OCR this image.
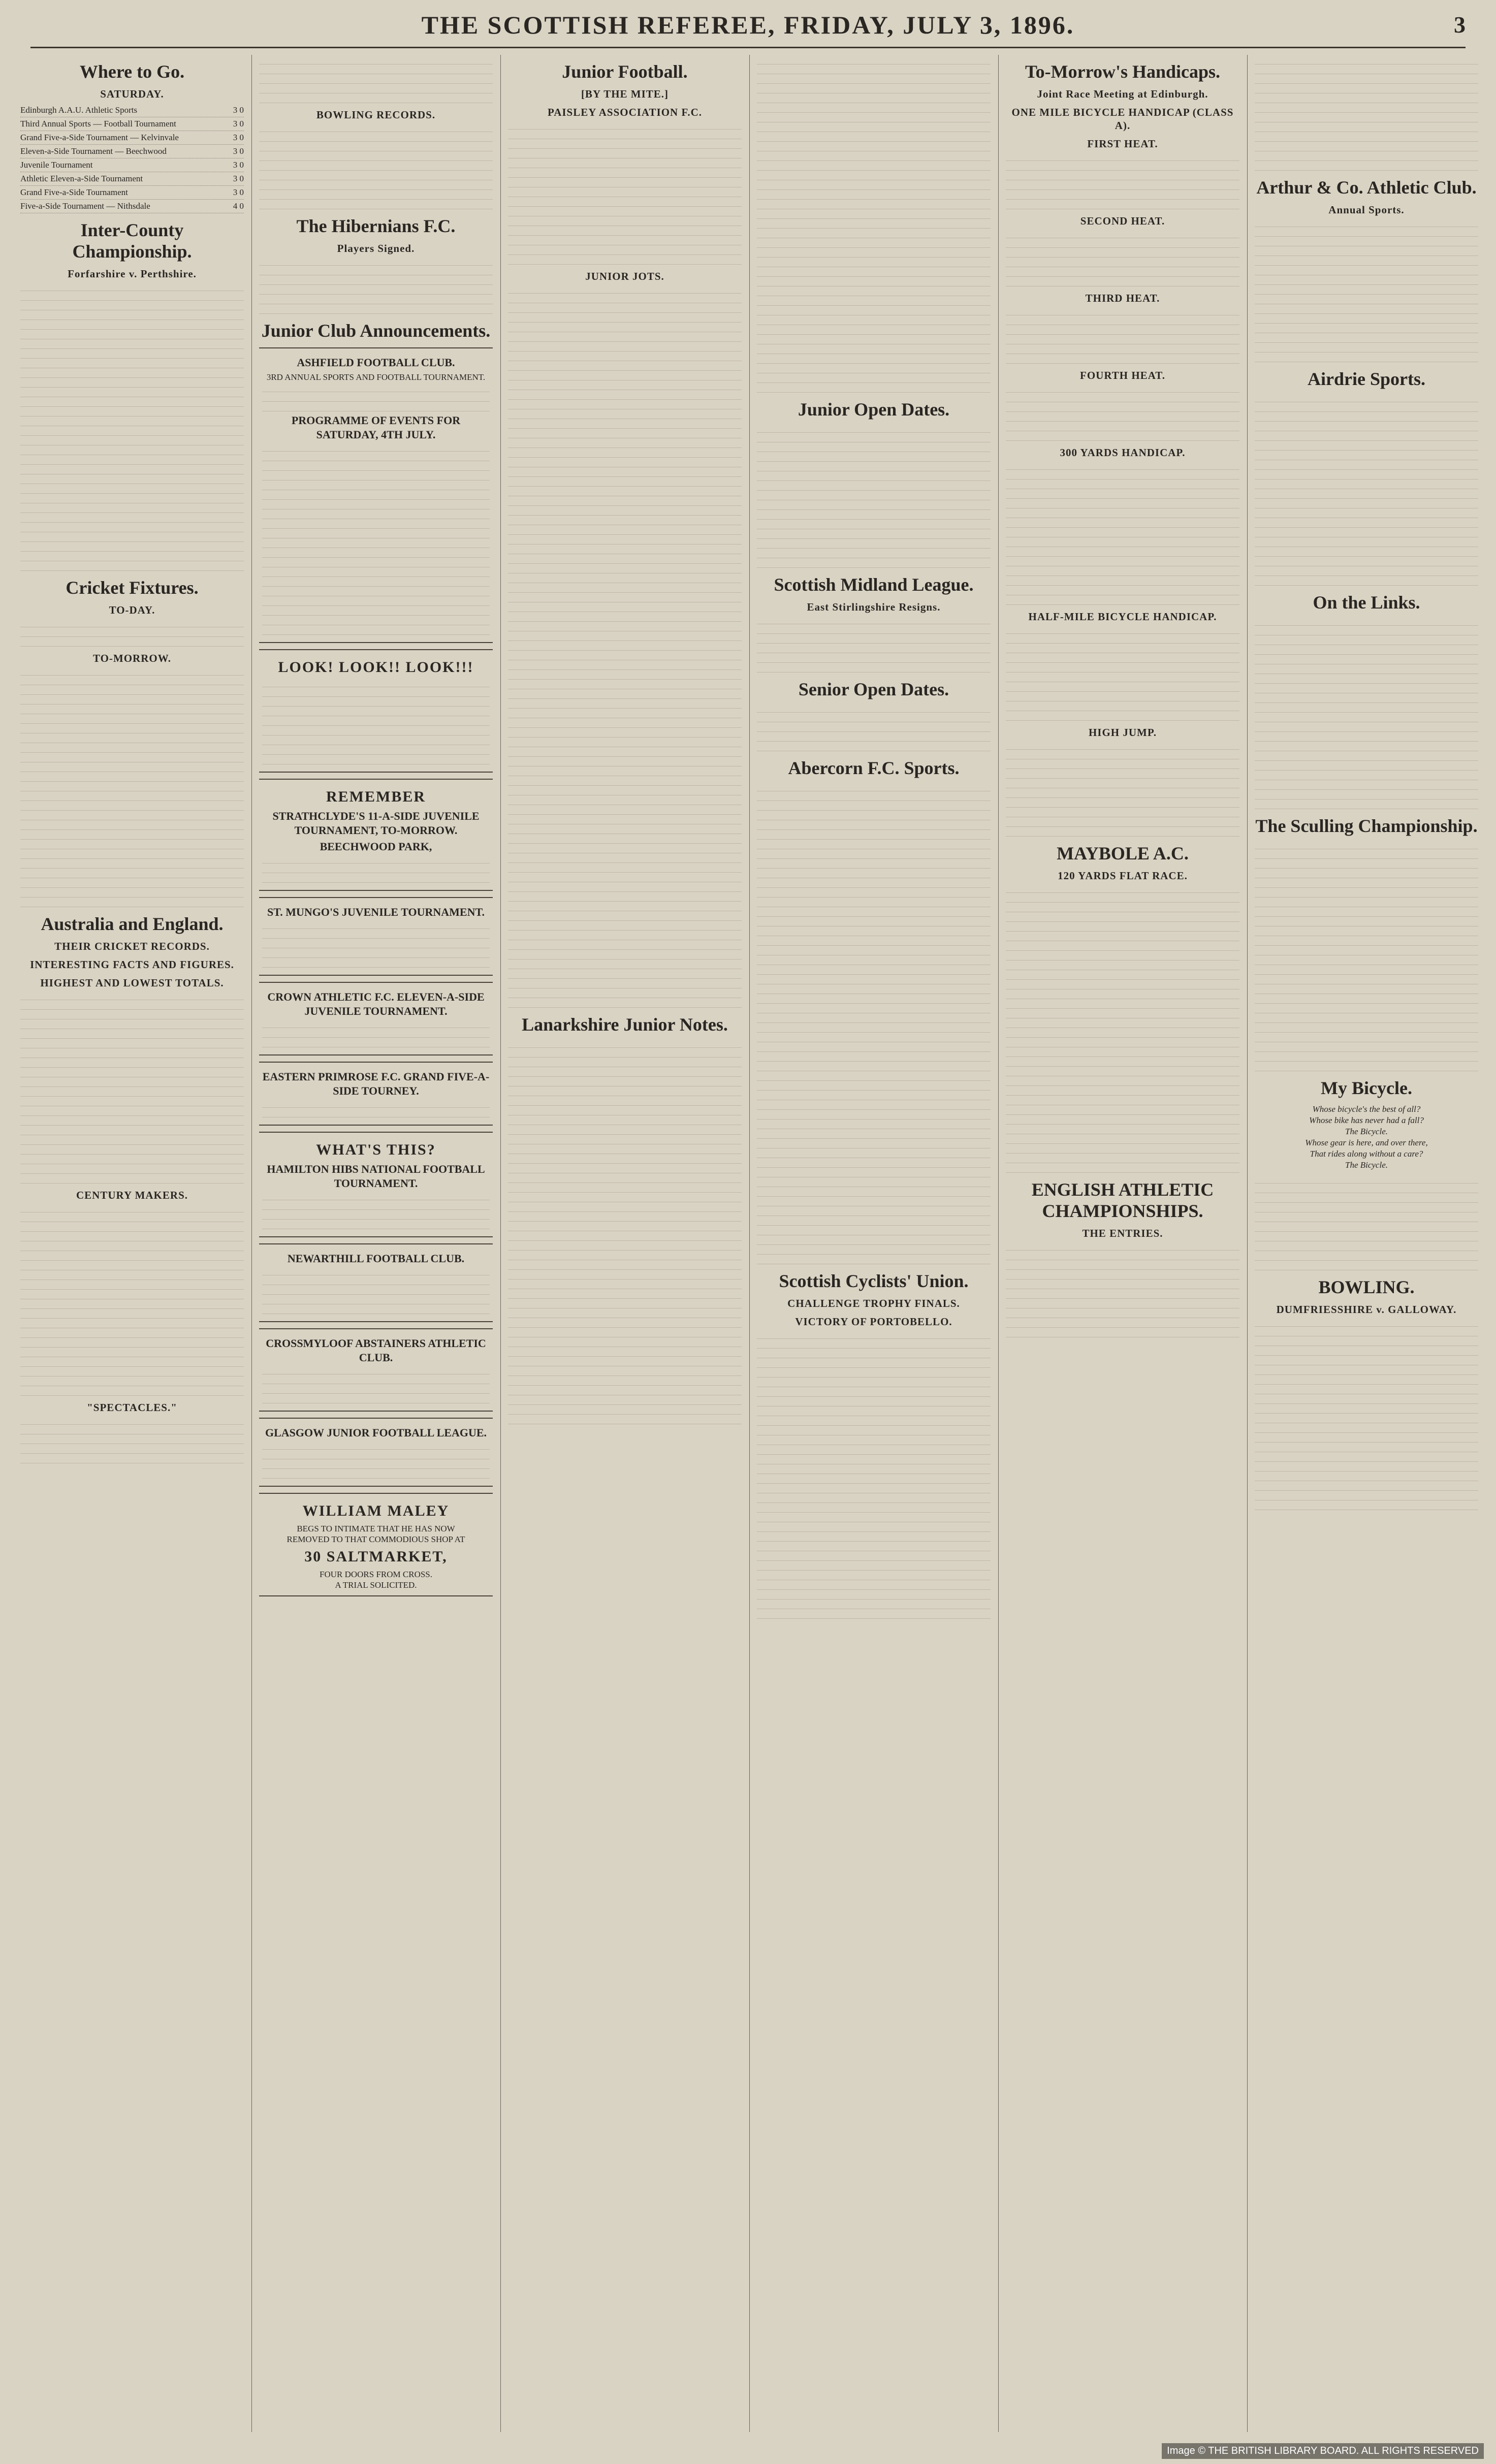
THE SCOTTISH REFEREE, FRIDAY, JULY 3, 1896.	3
Where to Go.
SATURDAY.
Edinburgh A.A.U. Athletic Sports	3 0
Third Annual Sports — Football Tournament	3 0
Grand Five-a-Side Tournament — Kelvinvale	3 0
Eleven-a-Side Tournament — Beechwood	3 0
Juvenile Tournament	3 0
Athletic Eleven-a-Side Tournament	3 0
Grand Five-a-Side Tournament	3 0
Five-a-Side Tournament — Nithsdale	4 0
Inter-County Championship.
Forfarshire v. Perthshire.
Cricket Fixtures.
TO-DAY.
TO-MORROW.
Australia and England.
THEIR CRICKET RECORDS.
INTERESTING FACTS AND FIGURES.
HIGHEST AND LOWEST TOTALS.
CENTURY MAKERS.
"SPECTACLES."
BOWLING RECORDS.
The Hibernians F.C.
Players Signed.
Junior Club Announcements.
ASHFIELD FOOTBALL CLUB.
3RD ANNUAL SPORTS AND FOOTBALL TOURNAMENT.
PROGRAMME OF EVENTS FOR SATURDAY, 4TH JULY.
LOOK! LOOK!! LOOK!!!
REMEMBER
STRATHCLYDE'S 11-A-SIDE JUVENILE TOURNAMENT, TO-MORROW.
BEECHWOOD PARK,
ST. MUNGO'S JUVENILE TOURNAMENT.
CROWN ATHLETIC F.C. ELEVEN-A-SIDE JUVENILE TOURNAMENT.
EASTERN PRIMROSE F.C. GRAND FIVE-A-SIDE TOURNEY.
WHAT'S THIS?
HAMILTON HIBS NATIONAL FOOTBALL TOURNAMENT.
NEWARTHILL FOOTBALL CLUB.
CROSSMYLOOF ABSTAINERS ATHLETIC CLUB.
GLASGOW JUNIOR FOOTBALL LEAGUE.
WILLIAM MALEY
BEGS TO INTIMATE THAT HE HAS NOW
REMOVED TO THAT COMMODIOUS SHOP AT
30 SALTMARKET,
FOUR DOORS FROM CROSS.
A TRIAL SOLICITED.
Junior Football.
[BY THE MITE.]
PAISLEY ASSOCIATION F.C.
JUNIOR JOTS.
Lanarkshire Junior Notes.
Junior Open Dates.
Scottish Midland League.
East Stirlingshire Resigns.
Senior Open Dates.
Abercorn F.C. Sports.
Scottish Cyclists' Union.
CHALLENGE TROPHY FINALS.
VICTORY OF PORTOBELLO.
To-Morrow's Handicaps.
Joint Race Meeting at Edinburgh.
ONE MILE BICYCLE HANDICAP (CLASS A).
FIRST HEAT.
SECOND HEAT.
THIRD HEAT.
FOURTH HEAT.
300 YARDS HANDICAP.
HALF-MILE BICYCLE HANDICAP.
HIGH JUMP.
MAYBOLE A.C.
120 YARDS FLAT RACE.
ENGLISH ATHLETIC CHAMPIONSHIPS.
THE ENTRIES.
Arthur & Co. Athletic Club.
Annual Sports.
Airdrie Sports.
On the Links.
The Sculling Championship.
My Bicycle.
Whose bicycle's the best of all?
Whose bike has never had a fall?
The Bicycle.
Whose gear is here, and over there,
That rides along without a care?
The Bicycle.
BOWLING.
DUMFRIESSHIRE v. GALLOWAY.
Image © THE BRITISH LIBRARY BOARD. ALL RIGHTS RESERVED
